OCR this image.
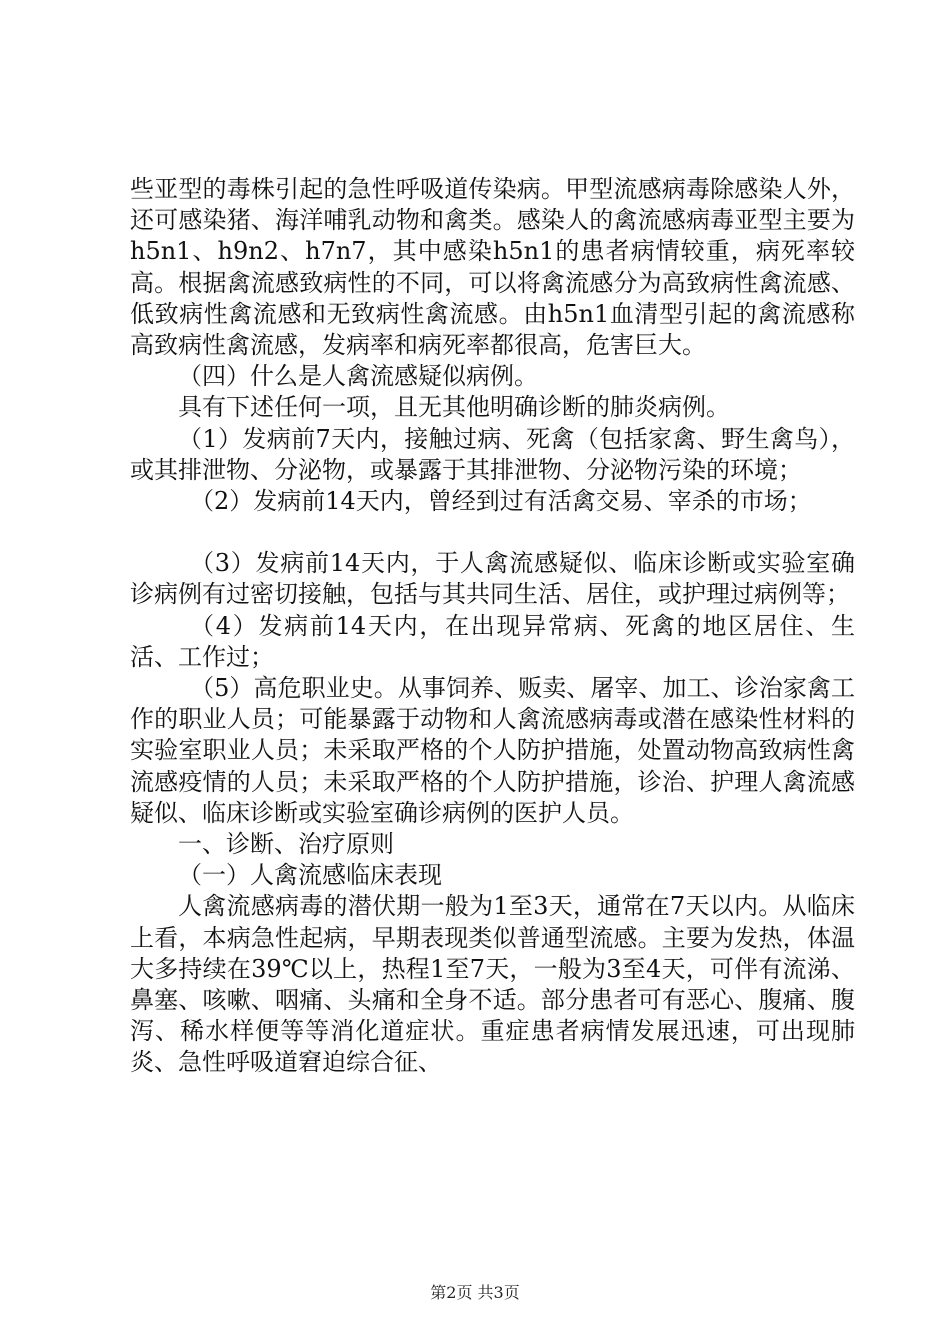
些亚型的毒株引起的急性呼吸道传染病。甲型流感病毒除感染人外，还可感染猪、海洋哺乳动物和禽类。感染人的禽流感病毒亚型主要为h5n1、h9n2、h7n7，其中感染h5n1的患者病情较重，病死率较高。根据禽流感致病性的不同，可以将禽流感分为高致病性禽流感、低致病性禽流感和无致病性禽流感。由h5n1血清型引起的禽流感称高致病性禽流感，发病率和病死率都很高，危害巨大。

（四）什么是人禽流感疑似病例。

具有下述任何一项，且无其他明确诊断的肺炎病例。

（1）发病前7天内，接触过病、死禽（包括家禽、野生禽鸟），或其排泄物、分泌物，或暴露于其排泄物、分泌物污染的环境；

（2）发病前14天内，曾经到过有活禽交易、宰杀的市场；

（3）发病前14天内，于人禽流感疑似、临床诊断或实验室确诊病例有过密切接触，包括与其共同生活、居住，或护理过病例等；

（4）发病前14天内，在出现异常病、死禽的地区居住、生活、工作过；

（5）高危职业史。从事饲养、贩卖、屠宰、加工、诊治家禽工作的职业人员；可能暴露于动物和人禽流感病毒或潜在感染性材料的实验室职业人员；未采取严格的个人防护措施，处置动物高致病性禽流感疫情的人员；未采取严格的个人防护措施，诊治、护理人禽流感疑似、临床诊断或实验室确诊病例的医护人员。

一、诊断、治疗原则

（一）人禽流感临床表现

人禽流感病毒的潜伏期一般为1至3天，通常在7天以内。从临床上看，本病急性起病，早期表现类似普通型流感。主要为发热，体温大多持续在39℃以上，热程1至7天，一般为3至4天，可伴有流涕、鼻塞、咳嗽、咽痛、头痛和全身不适。部分患者可有恶心、腹痛、腹泻、稀水样便等等消化道症状。重症患者病情发展迅速，可出现肺炎、急性呼吸道窘迫综合征、

第2页 共3页
